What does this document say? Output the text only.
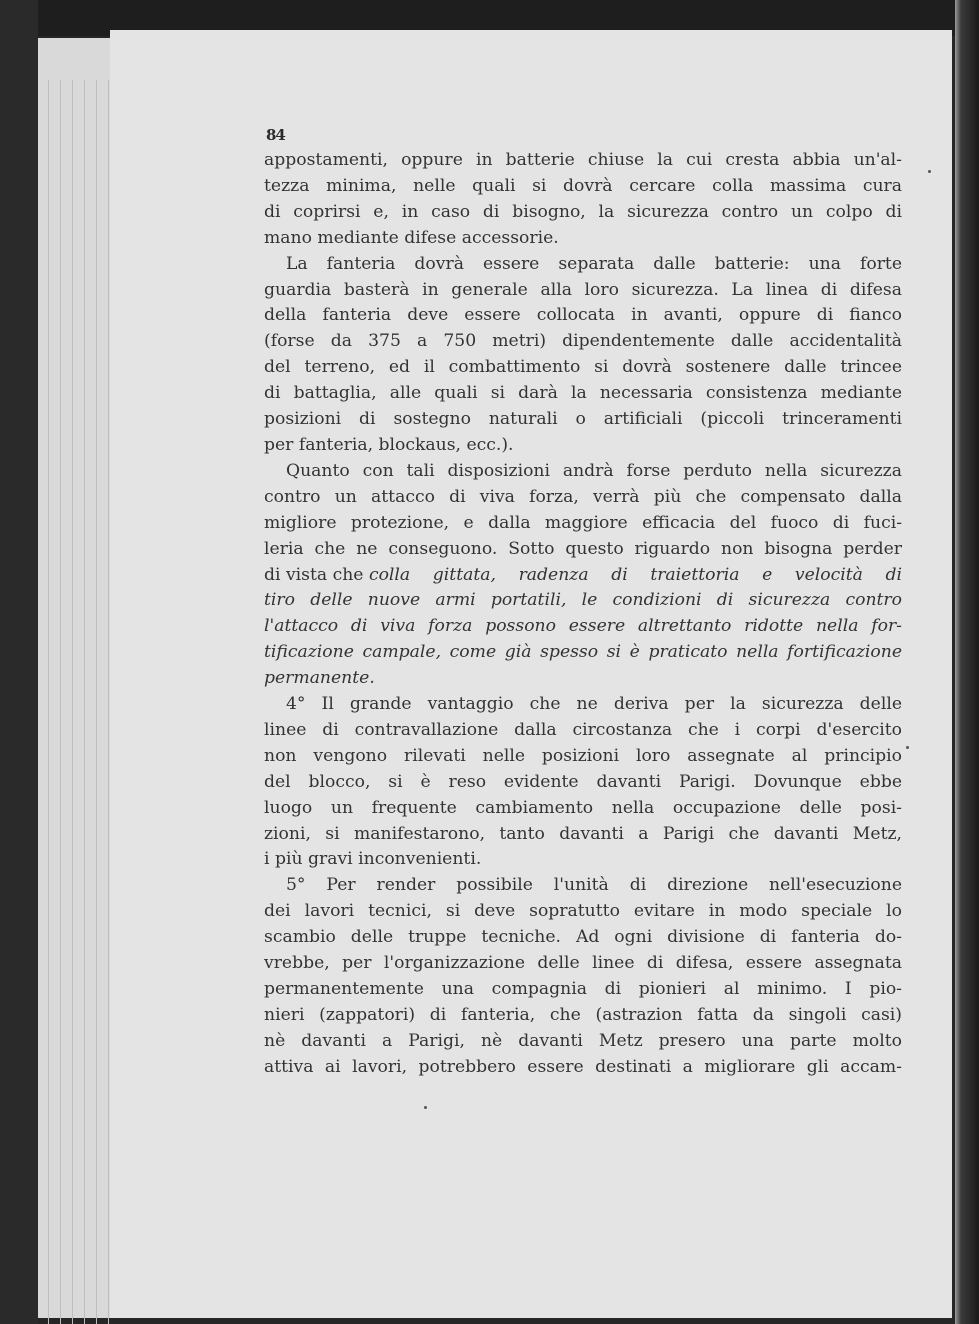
84
appostamenti, oppure in batterie chiuse la cui cresta abbia un'al-
tezza minima, nelle quali si dovrà cercare colla massima cura
di coprirsi e, in caso di bisogno, la sicurezza contro un colpo di
mano mediante difese accessorie.
La fanteria dovrà essere separata dalle batterie: una forte
guardia basterà in generale alla loro sicurezza. La linea di difesa
della fanteria deve essere collocata in avanti, oppure di fianco
(forse da 375 a 750 metri) dipendentemente dalle accidentalità
del terreno, ed il combattimento si dovrà sostenere dalle trincee
di battaglia, alle quali si darà la necessaria consistenza mediante
posizioni di sostegno naturali o artificiali (piccoli trinceramenti
per fanteria, blockaus, ecc.).
Quanto con tali disposizioni andrà forse perduto nella sicurezza
contro un attacco di viva forza, verrà più che compensato dalla
migliore protezione, e dalla maggiore efficacia del fuoco di fuci-
leria che ne conseguono. Sotto questo riguardo non bisogna perder
di vista che colla gittata, radenza di traiettoria e velocità di
tiro delle nuove armi portatili, le condizioni di sicurezza contro
l'attacco di viva forza possono essere altrettanto ridotte nella for-
tificazione campale, come già spesso si è praticato nella fortificazione
permanente.
4° Il grande vantaggio che ne deriva per la sicurezza delle
linee di contravallazione dalla circostanza che i corpi d'esercito
non vengono rilevati nelle posizioni loro assegnate al principio
del blocco, si è reso evidente davanti Parigi. Dovunque ebbe
luogo un frequente cambiamento nella occupazione delle posi-
zioni, si manifestarono, tanto davanti a Parigi che davanti Metz,
i più gravi inconvenienti.
5° Per render possibile l'unità di direzione nell'esecuzione
dei lavori tecnici, si deve sopratutto evitare in modo speciale lo
scambio delle truppe tecniche. Ad ogni divisione di fanteria do-
vrebbe, per l'organizzazione delle linee di difesa, essere assegnata
permanentemente una compagnia di pionieri al minimo. I pio-
nieri (zappatori) di fanteria, che (astrazion fatta da singoli casi)
nè davanti a Parigi, nè davanti Metz presero una parte molto
attiva ai lavori, potrebbero essere destinati a migliorare gli accam-
